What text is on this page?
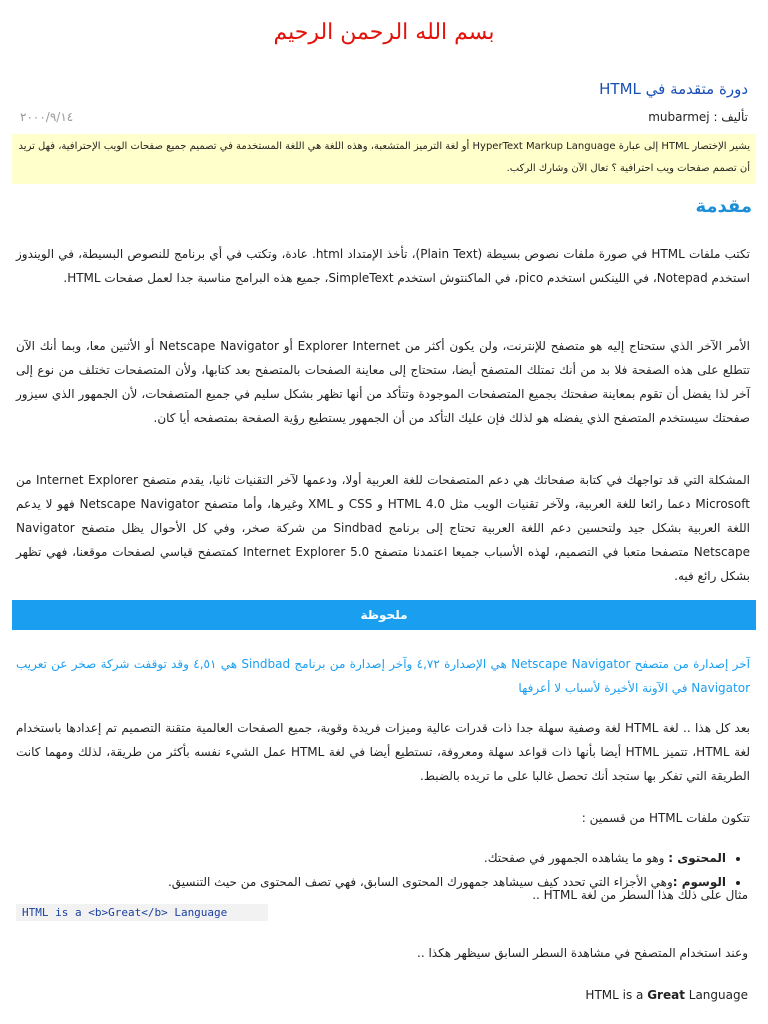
بسم الله الرحمن الرحيم
دورة متقدمة في HTML
تأليف : mubarmej
٢٠٠٠/٩/١٤
يشير الإختصار HTML إلى عبارة HyperText Markup Language أو لغة الترميز المتشعبة، وهذه اللغة هي اللغة المستخدمة في تصميم جميع صفحات الويب الإحترافية، فهل تريد أن تصمم صفحات ويب احترافية ؟ تعال الآن وشارك الركب.
مقدمة

تكتب ملفات HTML في صورة ملفات نصوص بسيطة (Plain Text)، تأخذ الإمتداد html. عادة، وتكتب في أي برنامج للنصوص البسيطة، في الويندوز استخدم Notepad، في اللينكس استخدم pico، في الماكنتوش استخدم SimpleText، جميع هذه البرامج مناسبة جدا لعمل صفحات HTML.

الأمر الآخر الذي ستحتاج إليه هو متصفح للإنترنت، ولن يكون أكثر من Explorer Internet أو Netscape Navigator أو الأثنين معا، وبما أنك الآن تتطلع على هذه الصفحة فلا بد من أنك تمتلك المتصفح أيضا، ستحتاج إلى معاينة الصفحات بالمتصفح بعد كتابها، ولأن المتصفحات تختلف من نوع إلى آخر لذا يفضل أن تقوم بمعاينة صفحتك بجميع المتصفحات الموجودة وتتأكد من أنها تظهر بشكل سليم في جميع المتصفحات، لأن الجمهور الذي سيزور صفحتك سيستخدم المتصفح الذي يفضله هو لذلك فإن عليك التأكد من أن الجمهور يستطيع رؤية الصفحة بمتصفحه أيا كان.

المشكلة التي قد تواجهك في كتابة صفحاتك هي دعم المتصفحات للغة العربية أولا، ودعمها لآخر التقنيات ثانيا، يقدم متصفح Internet Explorer من Microsoft دعما رائعا للغة العربية، ولآخر تقنيات الويب مثل HTML 4.0 و CSS و XML وغيرها، وأما متصفح Netscape Navigator فهو لا يدعم اللغة العربية بشكل جيد ولتحسين دعم اللغة العربية تحتاج إلى برنامج Sindbad من شركة صخر، وفي كل الأحوال يظل متصفح Navigator Netscape متصفحا متعبا في التصميم، لهذه الأسباب جميعا اعتمدنا متصفح Internet Explorer 5.0 كمتصفح قياسي لصفحات موقعنا، فهي تظهر بشكل رائع فيه.

ملحوظة

آخر إصدارة من متصفح Netscape Navigator هي الإصدارة ٤,٧٢ وآخر إصدارة من برنامج Sindbad هي ٤,٥١ وقد توقفت شركة صخر عن تعريب Navigator في الآونة الأخيرة لأسباب لا أعرفها

بعد كل هذا .. لغة HTML لغة وصفية سهلة جدا ذات قدرات عالية وميزات فريدة وقوية، جميع الصفحات العالمية متقنة التصميم تم إعدادها باستخدام لغة HTML، تتميز HTML أيضا بأنها ذات قواعد سهلة ومعروفة، تستطيع أيضا في لغة HTML عمل الشيء نفسه بأكثر من طريقة، لذلك ومهما كانت الطريقة التي تفكر بها ستجد أنك تحصل غالبا على ما تريده بالضبط.

تتكون ملفات HTML من قسمين :

• المحتوى : وهو ما يشاهده الجمهور في صفحتك.
• الوسوم :وهي الأجزاء التي تحدد كيف سيشاهد جمهورك المحتوى السابق، فهي تصف المحتوى من حيث التنسيق.
مثال على ذلك هذا السطر من لغة HTML ..
HTML is a <b>Great</b> Language
وعند استخدام المتصفح في مشاهدة السطر السابق سيظهر هكذا ..
HTML is a Great Language
